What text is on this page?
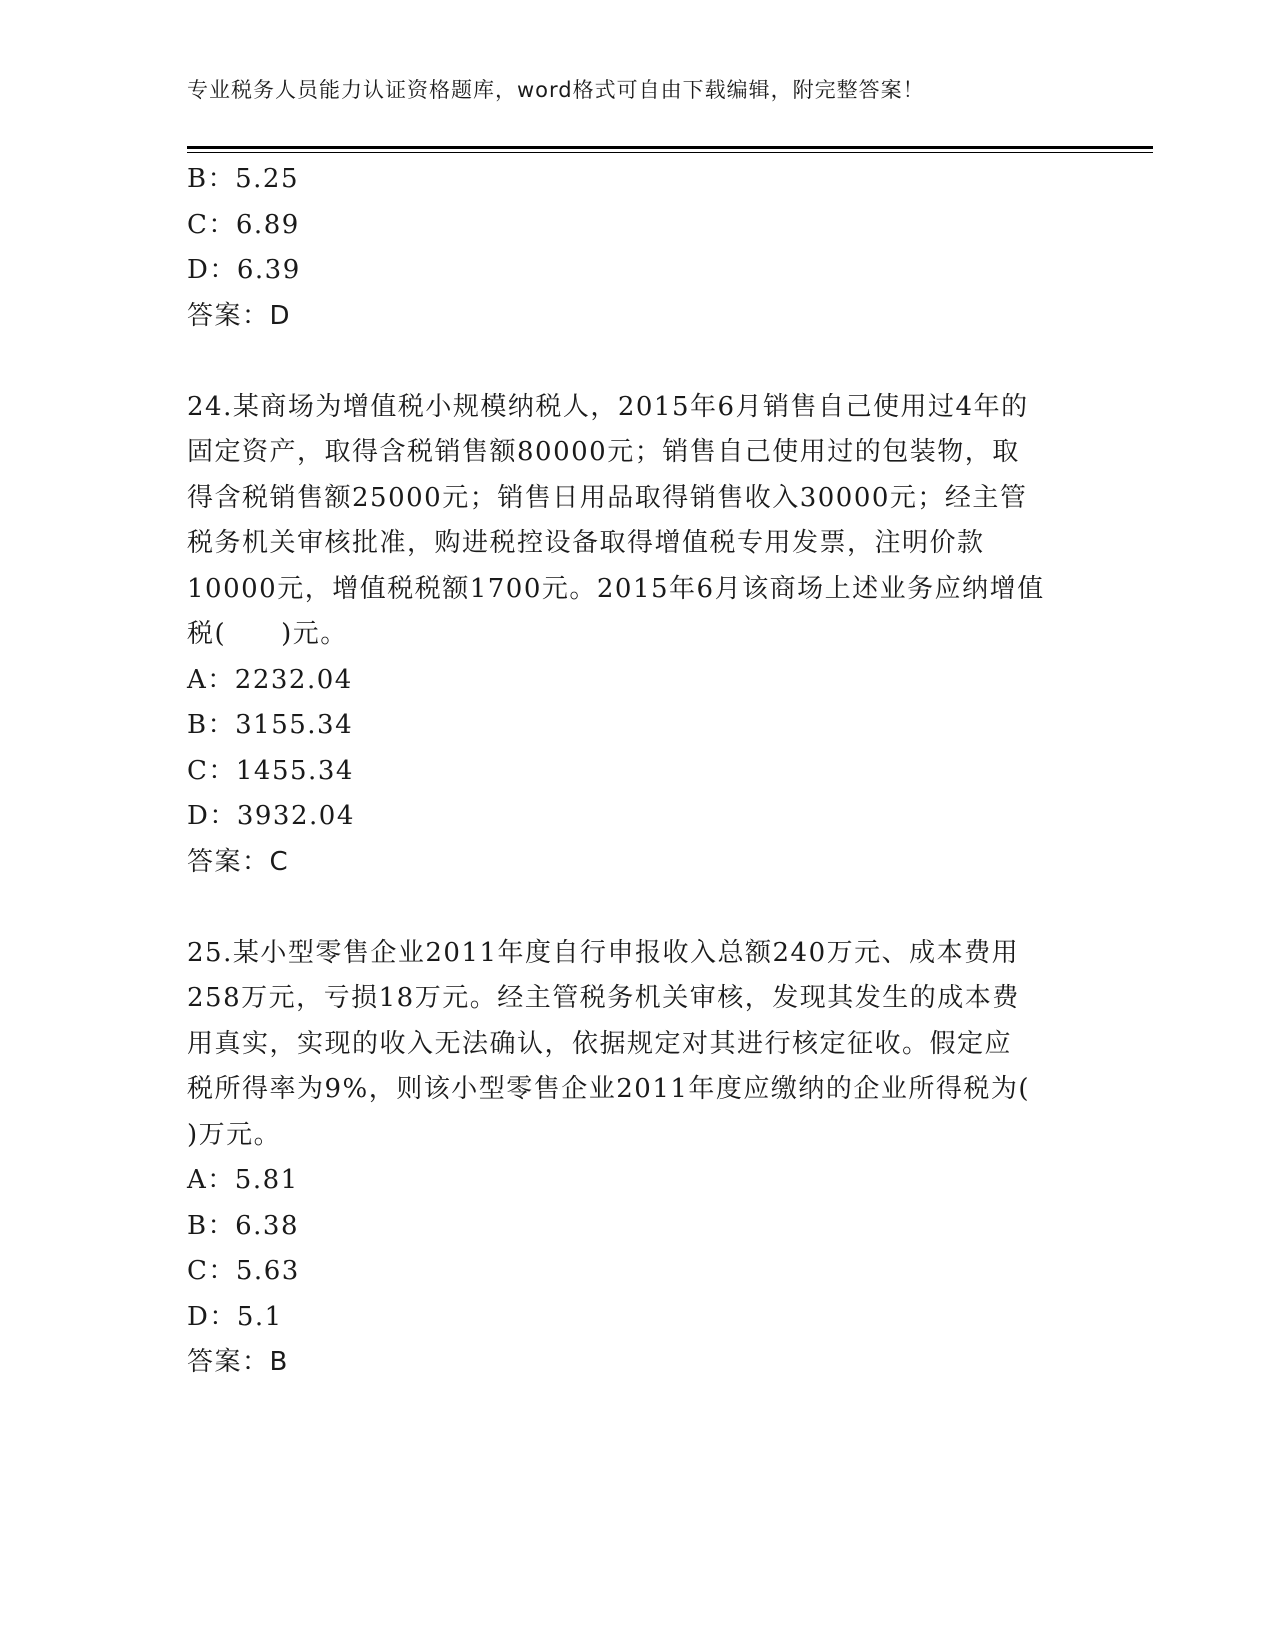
专业税务人员能力认证资格题库，word格式可自由下载编辑，附完整答案！
B：5.25
C：6.89
D：6.39
答案：D
24.某商场为增值税小规模纳税人，2015年6月销售自己使用过4年的
固定资产，取得含税销售额80000元；销售自己使用过的包装物，取
得含税销售额25000元；销售日用品取得销售收入30000元；经主管
税务机关审核批准，购进税控设备取得增值税专用发票，注明价款
10000元，增值税税额1700元。2015年6月该商场上述业务应纳增值
税(　　)元。
A：2232.04
B：3155.34
C：1455.34
D：3932.04
答案：C
25.某小型零售企业2011年度自行申报收入总额240万元、成本费用
258万元，亏损18万元。经主管税务机关审核，发现其发生的成本费
用真实，实现的收入无法确认，依据规定对其进行核定征收。假定应
税所得率为9%，则该小型零售企业2011年度应缴纳的企业所得税为(
)万元。
A：5.81
B：6.38
C：5.63
D：5.1
答案：B
